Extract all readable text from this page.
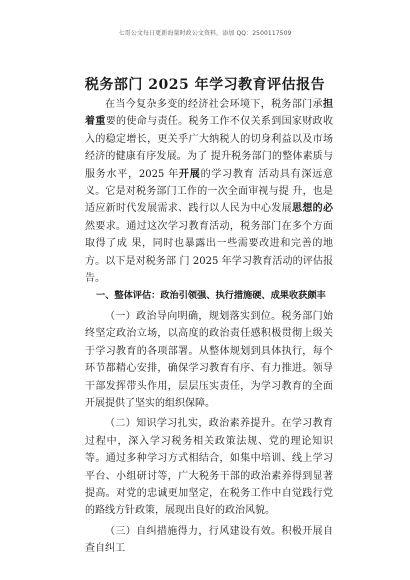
七哥公文每日更新海量时政公文资料，添加 QQ：2500117509
税务部门 2025 年学习教育评估报告

在当今复杂多变的经济社会环境下，税务部门承担着重要的使命与责任。税务工作不仅关系到国家财政收入的稳定增长，更关乎广大纳税人的切身利益以及市场经济的健康有序发展。为了 提升税务部门的整体素质与服务水平，2025 年开展的学习教育 活动具有深远意义。它是对税务部门工作的一次全面审视与提 升，也是适应新时代发展需求、践行以人民为中心发展思想的必 然要求。通过这次学习教育活动，税务部门在多个方面取得了成 果，同时也暴露出一些需要改进和完善的地方。以下是对税务部 门 2025 年学习教育活动的评估报告。

一、整体评估：政治引领强、执行措施硬、成果收获颇丰

（一）政治导向明确，规划落实到位。税务部门始终坚定政治立场，以高度的政治责任感积极贯彻上级关于学习教育的各项部署。从整体规划到具体执行，每个环节都精心安排，确保学习教育有序、有力推进。领导干部发挥带头作用，层层压实责任，为学习教育的全面开展提供了坚实的组织保障。

（二）知识学习扎实，政治素养提升。在学习教育过程中，深入学习税务相关政策法规、党的理论知识等。通过多种学习方式相结合，如集中培训、线上学习平台、小组研讨等，广大税务干部的政治素养得到显著提高。对党的忠诚更加坚定，在税务工作中自觉践行党的路线方针政策，展现出良好的政治风貌。

（三）自纠措施得力，行风建设有效。积极开展自查自纠工
